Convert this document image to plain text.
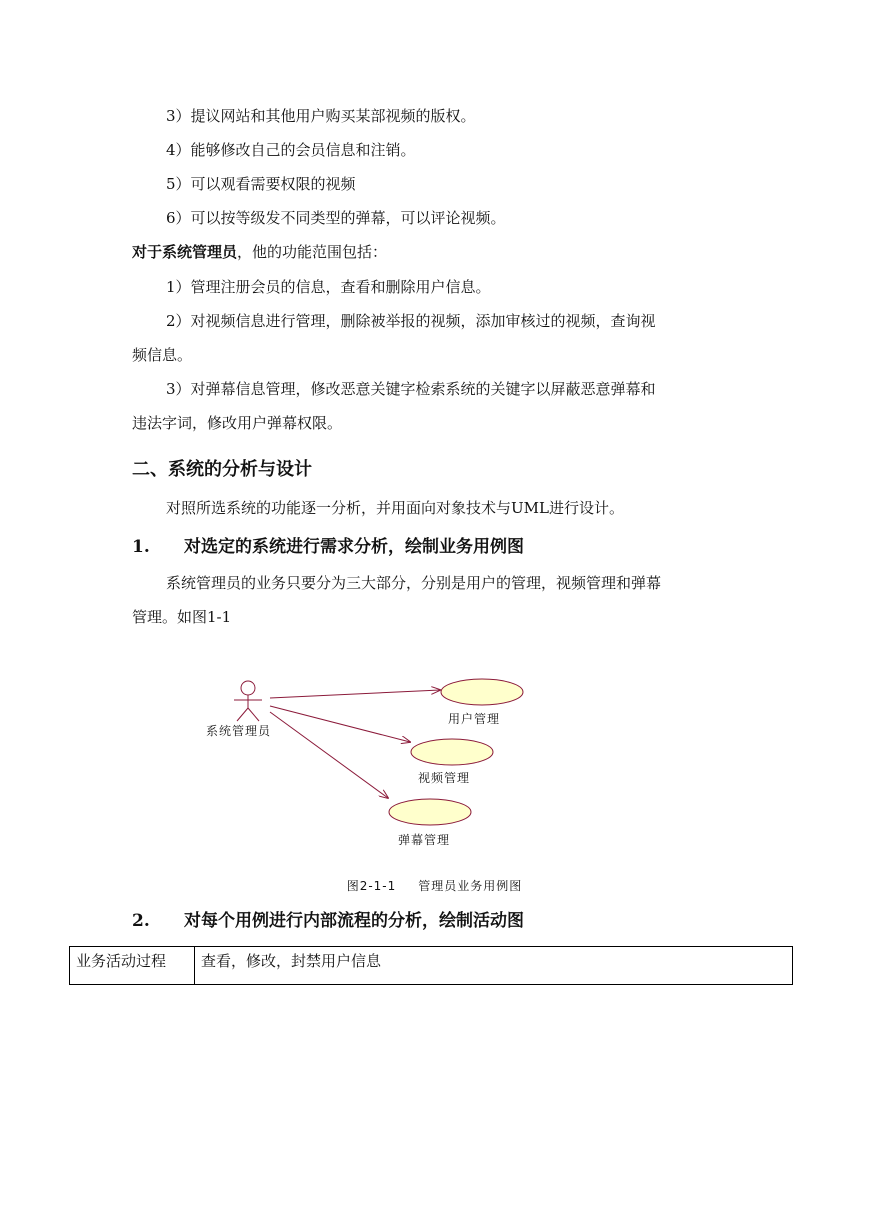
3）提议网站和其他用户购买某部视频的版权。
4）能够修改自己的会员信息和注销。
5）可以观看需要权限的视频
6）可以按等级发不同类型的弹幕，可以评论视频。
对于系统管理员，他的功能范围包括：
1）管理注册会员的信息，查看和删除用户信息。
2）对视频信息进行管理，删除被举报的视频，添加审核过的视频，查询视
频信息。
3）对弹幕信息管理，修改恶意关键字检索系统的关键字以屏蔽恶意弹幕和
违法字词，修改用户弹幕权限。
二、系统的分析与设计
对照所选系统的功能逐一分析，并用面向对象技术与UML进行设计。
1. 对选定的系统进行需求分析，绘制业务用例图
系统管理员的业务只要分为三大部分，分别是用户的管理，视频管理和弹幕
管理。如图1-1
系统管理员
用户管理
视频管理
弹幕管理
图2-1-1 管理员业务用例图
2. 对每个用例进行内部流程的分析，绘制活动图
业务活动过程	查看，修改，封禁用户信息
